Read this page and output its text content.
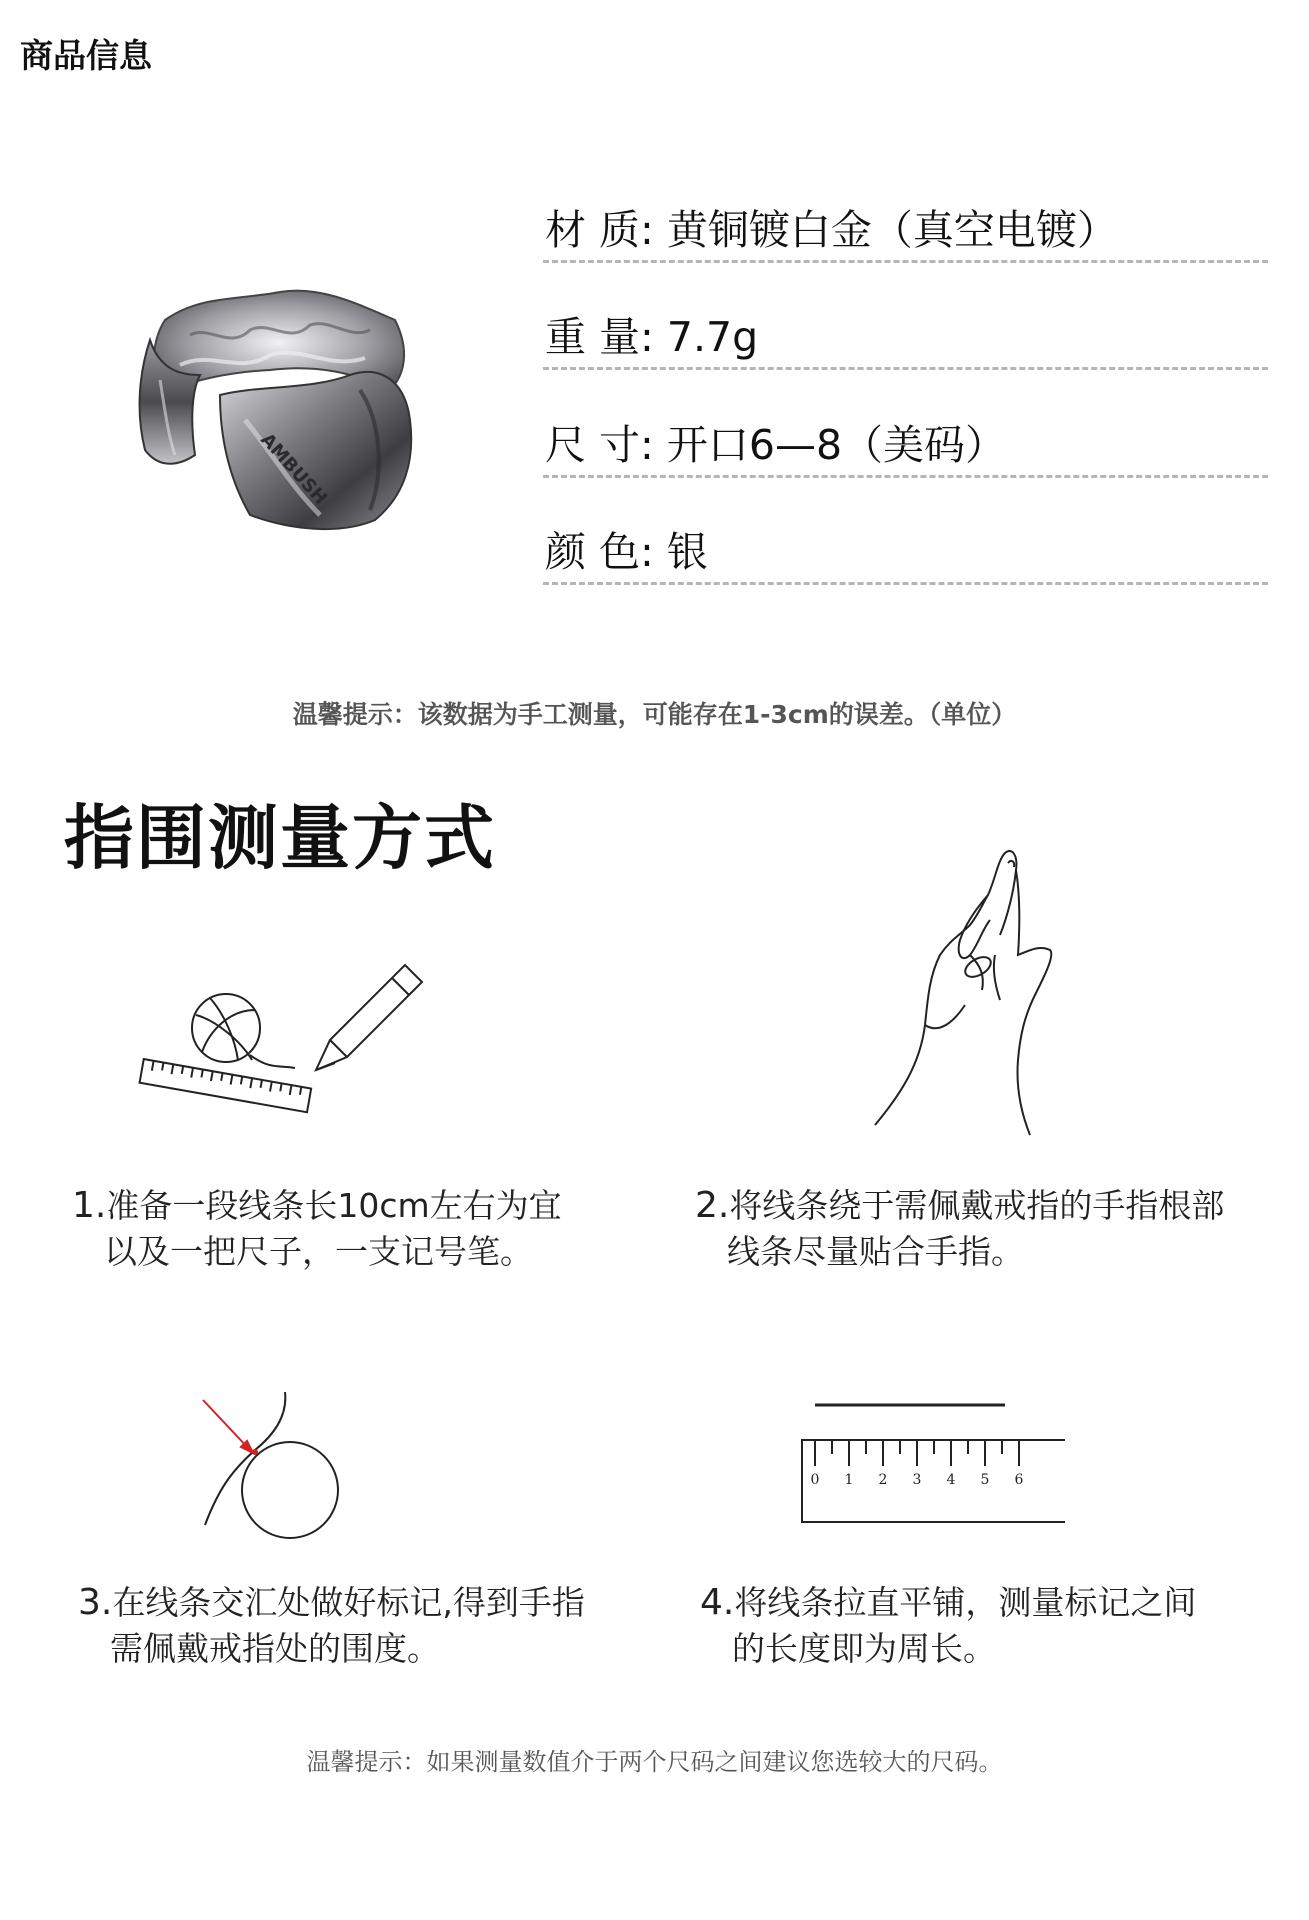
商品信息
AMBUSH
材 质: 黄铜镀白金（真空电镀）
重 量: 7.7g
尺 寸: 开口6—8（美码）
颜 色: 银
温馨提示：该数据为手工测量，可能存在1-3cm的误差。（单位）
指围测量方式
1.准备一段线条长10cm左右为宜
以及一把尺子，一支记号笔。
2.将线条绕于需佩戴戒指的手指根部
线条尽量贴合手指。
0 1 2 3 4 5 6
3.在线条交汇处做好标记,得到手指
需佩戴戒指处的围度。
4.将线条拉直平铺，测量标记之间
的长度即为周长。
温馨提示：如果测量数值介于两个尺码之间建议您选较大的尺码。
